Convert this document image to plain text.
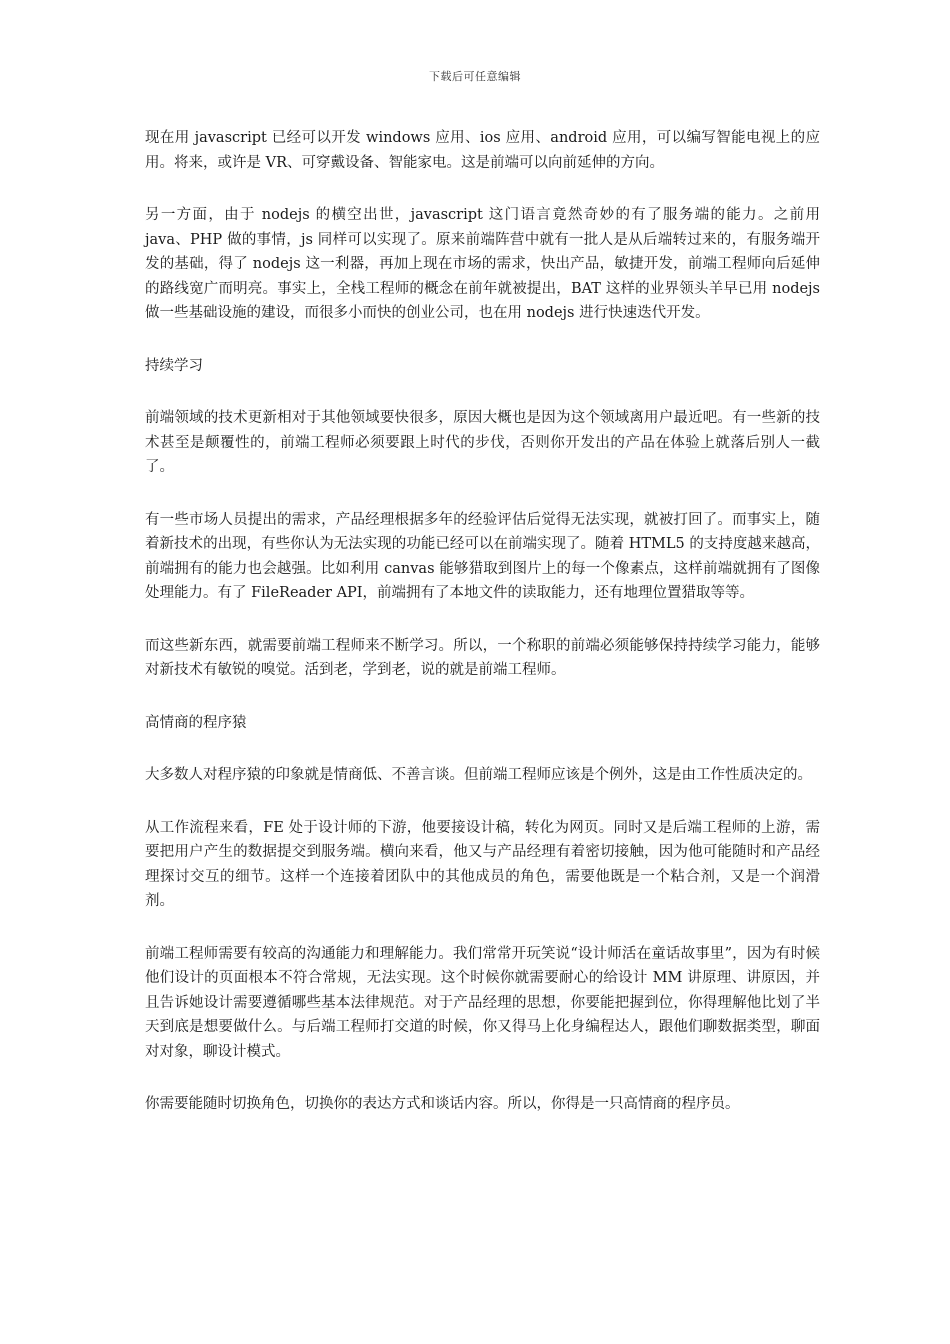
下载后可任意编辑

现在用 javascript 已经可以开发 windows 应用、ios 应用、android 应用，可以编写智能电视上的应用。将来，或许是 VR、可穿戴设备、智能家电。这是前端可以向前延伸的方向。

另一方面，由于 nodejs 的横空出世，javascript 这门语言竟然奇妙的有了服务端的能力。之前用 java、PHP 做的事情，js 同样可以实现了。原来前端阵营中就有一批人是从后端转过来的，有服务端开发的基础，得了 nodejs 这一利器，再加上现在市场的需求，快出产品，敏捷开发，前端工程师向后延伸的路线宽广而明亮。事实上，全栈工程师的概念在前年就被提出，BAT 这样的业界领头羊早已用 nodejs 做一些基础设施的建设，而很多小而快的创业公司，也在用 nodejs 进行快速迭代开发。

持续学习

前端领域的技术更新相对于其他领域要快很多，原因大概也是因为这个领域离用户最近吧。有一些新的技术甚至是颠覆性的，前端工程师必须要跟上时代的步伐，否则你开发出的产品在体验上就落后别人一截了。

有一些市场人员提出的需求，产品经理根据多年的经验评估后觉得无法实现，就被打回了。而事实上，随着新技术的出现，有些你认为无法实现的功能已经可以在前端实现了。随着 HTML5 的支持度越来越高，前端拥有的能力也会越强。比如利用 canvas 能够猎取到图片上的每一个像素点，这样前端就拥有了图像处理能力。有了 FileReader API，前端拥有了本地文件的读取能力，还有地理位置猎取等等。

而这些新东西，就需要前端工程师来不断学习。所以，一个称职的前端必须能够保持持续学习能力，能够对新技术有敏锐的嗅觉。活到老，学到老，说的就是前端工程师。

高情商的程序猿

大多数人对程序猿的印象就是情商低、不善言谈。但前端工程师应该是个例外，这是由工作性质决定的。

从工作流程来看，FE 处于设计师的下游，他要接设计稿，转化为网页。同时又是后端工程师的上游，需要把用户产生的数据提交到服务端。横向来看，他又与产品经理有着密切接触，因为他可能随时和产品经理探讨交互的细节。这样一个连接着团队中的其他成员的角色，需要他既是一个粘合剂，又是一个润滑剂。

前端工程师需要有较高的沟通能力和理解能力。我们常常开玩笑说“设计师活在童话故事里”，因为有时候他们设计的页面根本不符合常规，无法实现。这个时候你就需要耐心的给设计 MM 讲原理、讲原因，并且告诉她设计需要遵循哪些基本法律规范。对于产品经理的思想，你要能把握到位，你得理解他比划了半天到底是想要做什么。与后端工程师打交道的时候，你又得马上化身编程达人，跟他们聊数据类型，聊面对对象，聊设计模式。

你需要能随时切换角色，切换你的表达方式和谈话内容。所以，你得是一只高情商的程序员。
